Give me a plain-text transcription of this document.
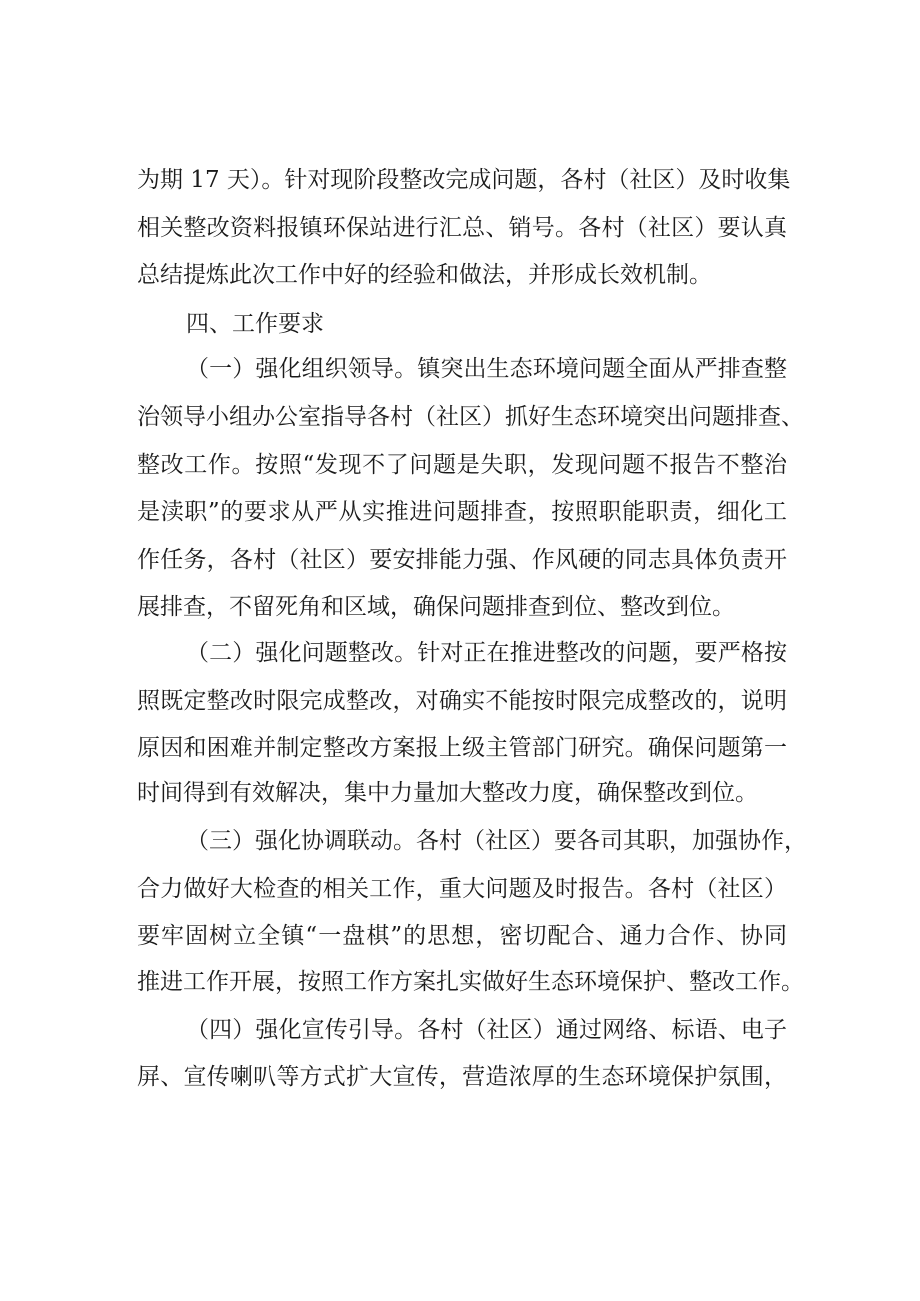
为期 17 天）。针对现阶段整改完成问题，各村（社区）及时收集
相关整改资料报镇环保站进行汇总、销号。各村（社区）要认真
总结提炼此次工作中好的经验和做法，并形成长效机制。
四、工作要求
（一）强化组织领导。镇突出生态环境问题全面从严排查整
治领导小组办公室指导各村（社区）抓好生态环境突出问题排查、
整改工作。按照“发现不了问题是失职，发现问题不报告不整治
是渎职”的要求从严从实推进问题排查，按照职能职责，细化工
作任务，各村（社区）要安排能力强、作风硬的同志具体负责开
展排查，不留死角和区域，确保问题排查到位、整改到位。
（二）强化问题整改。针对正在推进整改的问题，要严格按
照既定整改时限完成整改，对确实不能按时限完成整改的，说明
原因和困难并制定整改方案报上级主管部门研究。确保问题第一
时间得到有效解决，集中力量加大整改力度，确保整改到位。
（三）强化协调联动。各村（社区）要各司其职，加强协作，
合力做好大检查的相关工作，重大问题及时报告。各村（社区）
要牢固树立全镇“一盘棋”的思想，密切配合、通力合作、协同
推进工作开展，按照工作方案扎实做好生态环境保护、整改工作。
（四）强化宣传引导。各村（社区）通过网络、标语、电子
屏、宣传喇叭等方式扩大宣传，营造浓厚的生态环境保护氛围，
